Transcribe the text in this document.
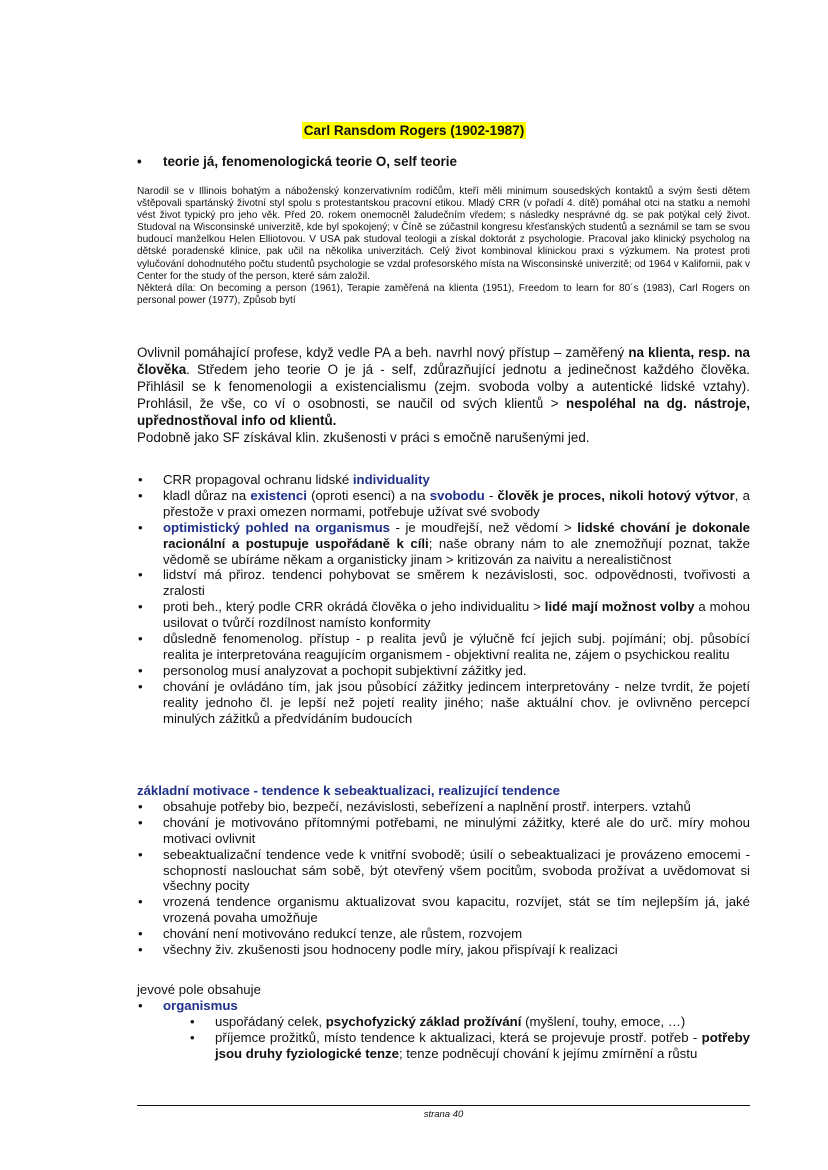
Carl Ransdom Rogers (1902-1987)
• teorie já, fenomenologická teorie O, self teorie

Narodil se v Illinois bohatým a náboženský konzervativním rodičům, kteří měli minimum sousedských kontaktů a svým šesti dětem vštěpovali spartánský životní styl spolu s protestantskou pracovní etikou. Mladý CRR (v pořadí 4. dítě) pomáhal otci na statku a nemohl vést život typický pro jeho věk. Před 20. rokem onemocněl žaludečním vředem; s následky nesprávné dg. se pak potýkal celý život. Studoval na Wisconsinské univerzitě, kde byl spokojený; v Číně se zúčastnil kongresu křesťanských studentů a seznámil se tam se svou budoucí manželkou Helen Elliotovou. V USA pak studoval teologii a získal doktorát z psychologie. Pracoval jako klinický psycholog na dětské poradenské klinice, pak učil na několika univerzitách. Celý život kombinoval klinickou praxi s výzkumem. Na protest proti vylučování dohodnutého počtu studentů psychologie se vzdal profesorského místa na Wisconsinské univerzitě; od 1964 v Kalifornii, pak v Center for the study of the person, které sám založil.

Některá díla: On becoming a person (1961), Terapie zaměřená na klienta (1951), Freedom to learn for 80´s (1983), Carl Rogers on personal power (1977), Způsob bytí

Ovlivnil pomáhající profese, když vedle PA a beh. navrhl nový přístup – zaměřený na klienta, resp. na člověka. Středem jeho teorie O je já - self, zdůrazňující jednotu a jedinečnost každého člověka. Přihlásil se k fenomenologii a existencialismu (zejm. svoboda volby a autentické lidské vztahy). Prohlásil, že vše, co ví o osobnosti, se naučil od svých klientů > nespoléhal na dg. nástroje, upřednostňoval info od klientů.

Podobně jako SF získával klin. zkušenosti v práci s emočně narušenými jed.

• CRR propagoval ochranu lidské individuality
• kladl důraz na existenci (oproti esenci) a na svobodu - člověk je proces, nikoli hotový výtvor, a přestože v praxi omezen normami, potřebuje užívat své svobody
• optimistický pohled na organismus - je moudřejší, než vědomí > lidské chování je dokonale racionální a postupuje uspořádaně k cíli; naše obrany nám to ale znemožňují poznat, takže vědomě se ubíráme někam a organisticky jinam > kritizován za naivitu a nerealističnost
• lidství má přiroz. tendenci pohybovat se směrem k nezávislosti, soc. odpovědnosti, tvořivosti a zralosti
• proti beh., který podle CRR okrádá člověka o jeho individualitu > lidé mají možnost volby a mohou usilovat o tvůrčí rozdílnost namísto konformity
• důsledně fenomenolog. přístup - p realita jevů je výlučně fcí jejich subj. pojímání; obj. působící realita je interpretována reagujícím organismem - objektivní realita ne, zájem o psychickou realitu
• personolog musí analyzovat a pochopit subjektivní zážitky jed.
• chování je ovládáno tím, jak jsou působící zážitky jedincem interpretovány - nelze tvrdit, že pojetí reality jednoho čl. je lepší než pojetí reality jiného; naše aktuální chov. je ovlivněno percepcí minulých zážitků a předvídáním budoucích
základní motivace - tendence k sebeaktualizaci, realizující tendence
• obsahuje potřeby bio, bezpečí, nezávislosti, sebeřízení a naplnění prostř. interpers. vztahů
• chování je motivováno přítomnými potřebami, ne minulými zážitky, které ale do urč. míry mohou motivaci ovlivnit
• sebeaktualizační tendence vede k vnitřní svobodě; úsilí o sebeaktualizaci je provázeno emocemi - schopností naslouchat sám sobě, být otevřený všem pocitům, svoboda prožívat a uvědomovat si všechny pocity
• vrozená tendence organismu aktualizovat svou kapacitu, rozvíjet, stát se tím nejlepším já, jaké vrozená povaha umožňuje
• chování není motivováno redukcí tenze, ale růstem, rozvojem
• všechny živ. zkušenosti jsou hodnoceny podle míry, jakou přispívají k realizaci
jevové pole obsahuje
• organismus
• uspořádaný celek, psychofyzický základ prožívání (myšlení, touhy, emoce, …)
• příjemce prožitků, místo tendence k aktualizaci, která se projevuje prostř. potřeb - potřeby jsou druhy fyziologické tenze; tenze podněcují chování k jejímu zmírnění a růstu
strana 40
